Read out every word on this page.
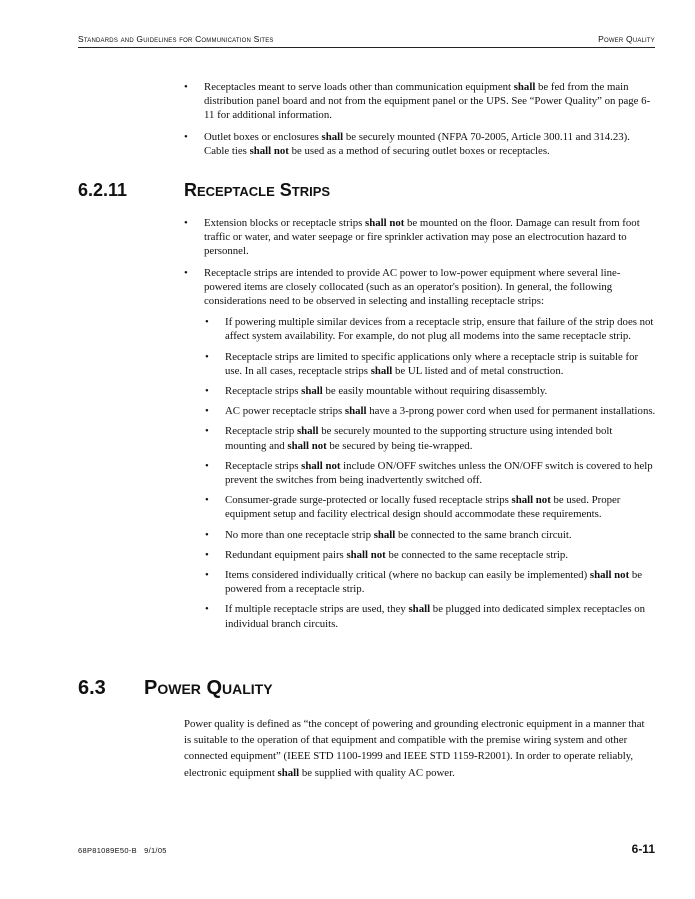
Standards and Guidelines for Communication Sites	Power Quality
• Receptacles meant to serve loads other than communication equipment shall be fed from the main distribution panel board and not from the equipment panel or the UPS. See “Power Quality” on page 6-11 for additional information.
• Outlet boxes or enclosures shall be securely mounted (NFPA 70-2005, Article 300.11 and 314.23). Cable ties shall not be used as a method of securing outlet boxes or receptacles.
6.2.11	Receptacle Strips
• Extension blocks or receptacle strips shall not be mounted on the floor. Damage can result from foot traffic or water, and water seepage or fire sprinkler activation may pose an electrocution hazard to personnel.
• Receptacle strips are intended to provide AC power to low-power equipment where several line-powered items are closely collocated (such as an operator's position). In general, the following considerations need to be observed in selecting and installing receptacle strips:
• If powering multiple similar devices from a receptacle strip, ensure that failure of the strip does not affect system availability. For example, do not plug all modems into the same receptacle strip.
• Receptacle strips are limited to specific applications only where a receptacle strip is suitable for use. In all cases, receptacle strips shall be UL listed and of metal construction.
• Receptacle strips shall be easily mountable without requiring disassembly.
• AC power receptacle strips shall have a 3-prong power cord when used for permanent installations.
• Receptacle strip shall be securely mounted to the supporting structure using intended bolt mounting and shall not be secured by being tie-wrapped.
• Receptacle strips shall not include ON/OFF switches unless the ON/OFF switch is covered to help prevent the switches from being inadvertently switched off.
• Consumer-grade surge-protected or locally fused receptacle strips shall not be used. Proper equipment setup and facility electrical design should accommodate these requirements.
• No more than one receptacle strip shall be connected to the same branch circuit.
• Redundant equipment pairs shall not be connected to the same receptacle strip.
• Items considered individually critical (where no backup can easily be implemented) shall not be powered from a receptacle strip.
• If multiple receptacle strips are used, they shall be plugged into dedicated simplex receptacles on individual branch circuits.
6.3 Power Quality
Power quality is defined as “the concept of powering and grounding electronic equipment in a manner that is suitable to the operation of that equipment and compatible with the premise wiring system and other connected equipment” (IEEE STD 1100-1999 and IEEE STD 1159-R2001). In order to operate reliably, electronic equipment shall be supplied with quality AC power.
68P81089E50-B 9/1/05	6-11
